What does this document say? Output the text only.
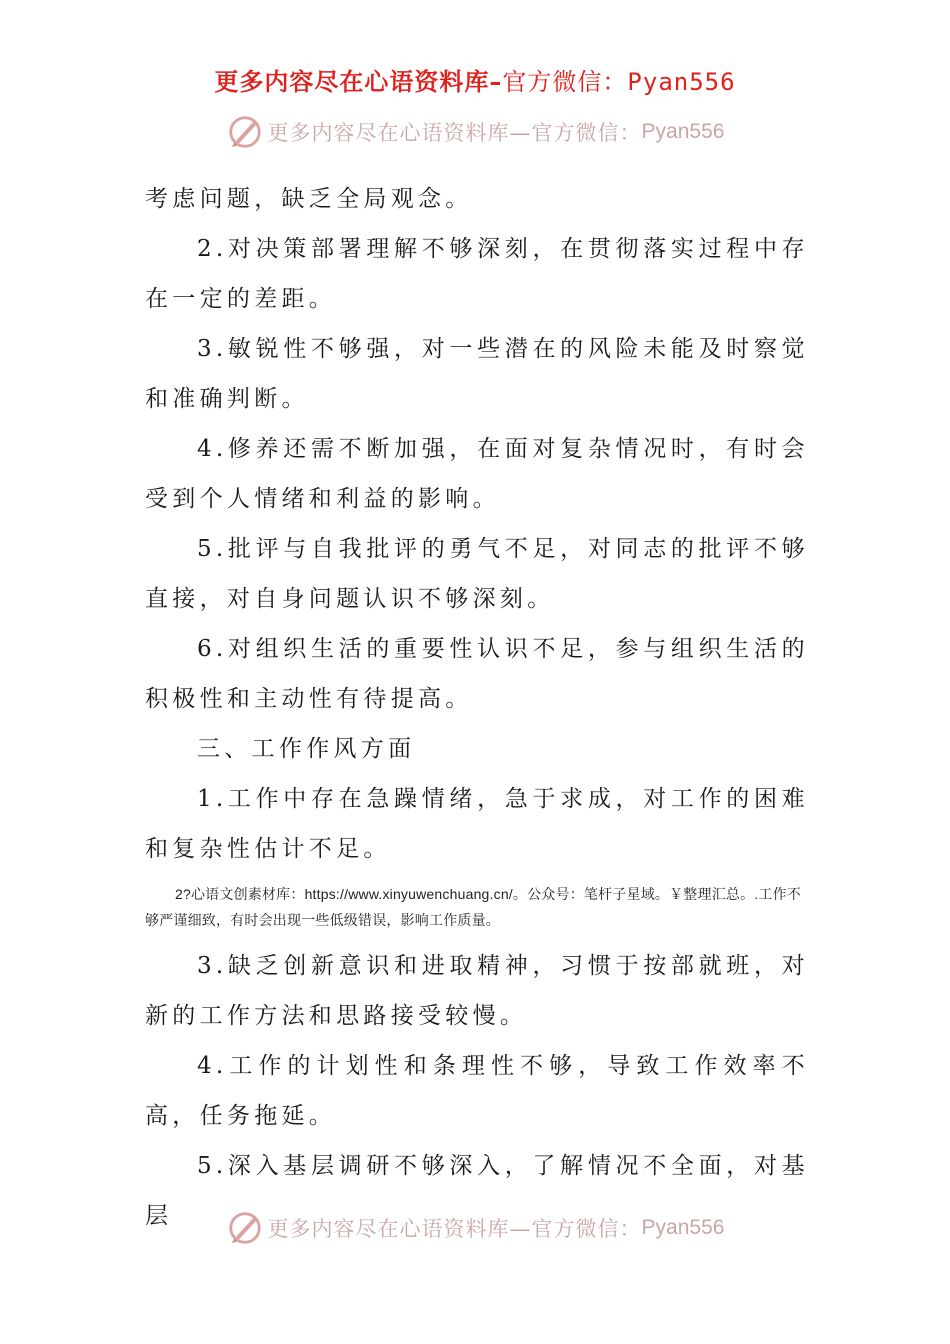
更多内容尽在心语资料库–官方微信：Pyan556
更多内容尽在心语资料库—官方微信： Pyan556

考虑问题，缺乏全局观念。

2.对决策部署理解不够深刻，在贯彻落实过程中存在一定的差距。

3.敏锐性不够强，对一些潜在的风险未能及时察觉和准确判断。

4.修养还需不断加强，在面对复杂情况时，有时会受到个人情绪和利益的影响。

5.批评与自我批评的勇气不足，对同志的批评不够直接，对自身问题认识不够深刻。

6.对组织生活的重要性认识不足，参与组织生活的积极性和主动性有待提高。

三、工作作风方面

1.工作中存在急躁情绪，急于求成，对工作的困难和复杂性估计不足。

2?心语文创素材库：https://www.xinyuwenchuang.cn/。公众号：笔杆子星域。￥整理汇总。.工作不够严谨细致，有时会出现一些低级错误，影响工作质量。

3.缺乏创新意识和进取精神，习惯于按部就班，对新的工作方法和思路接受较慢。

4.工作的计划性和条理性不够，导致工作效率不高，任务拖延。

5.深入基层调研不够深入，了解情况不全面，对基层	更多内容尽在心语资料库—官方微信： Pyan556
